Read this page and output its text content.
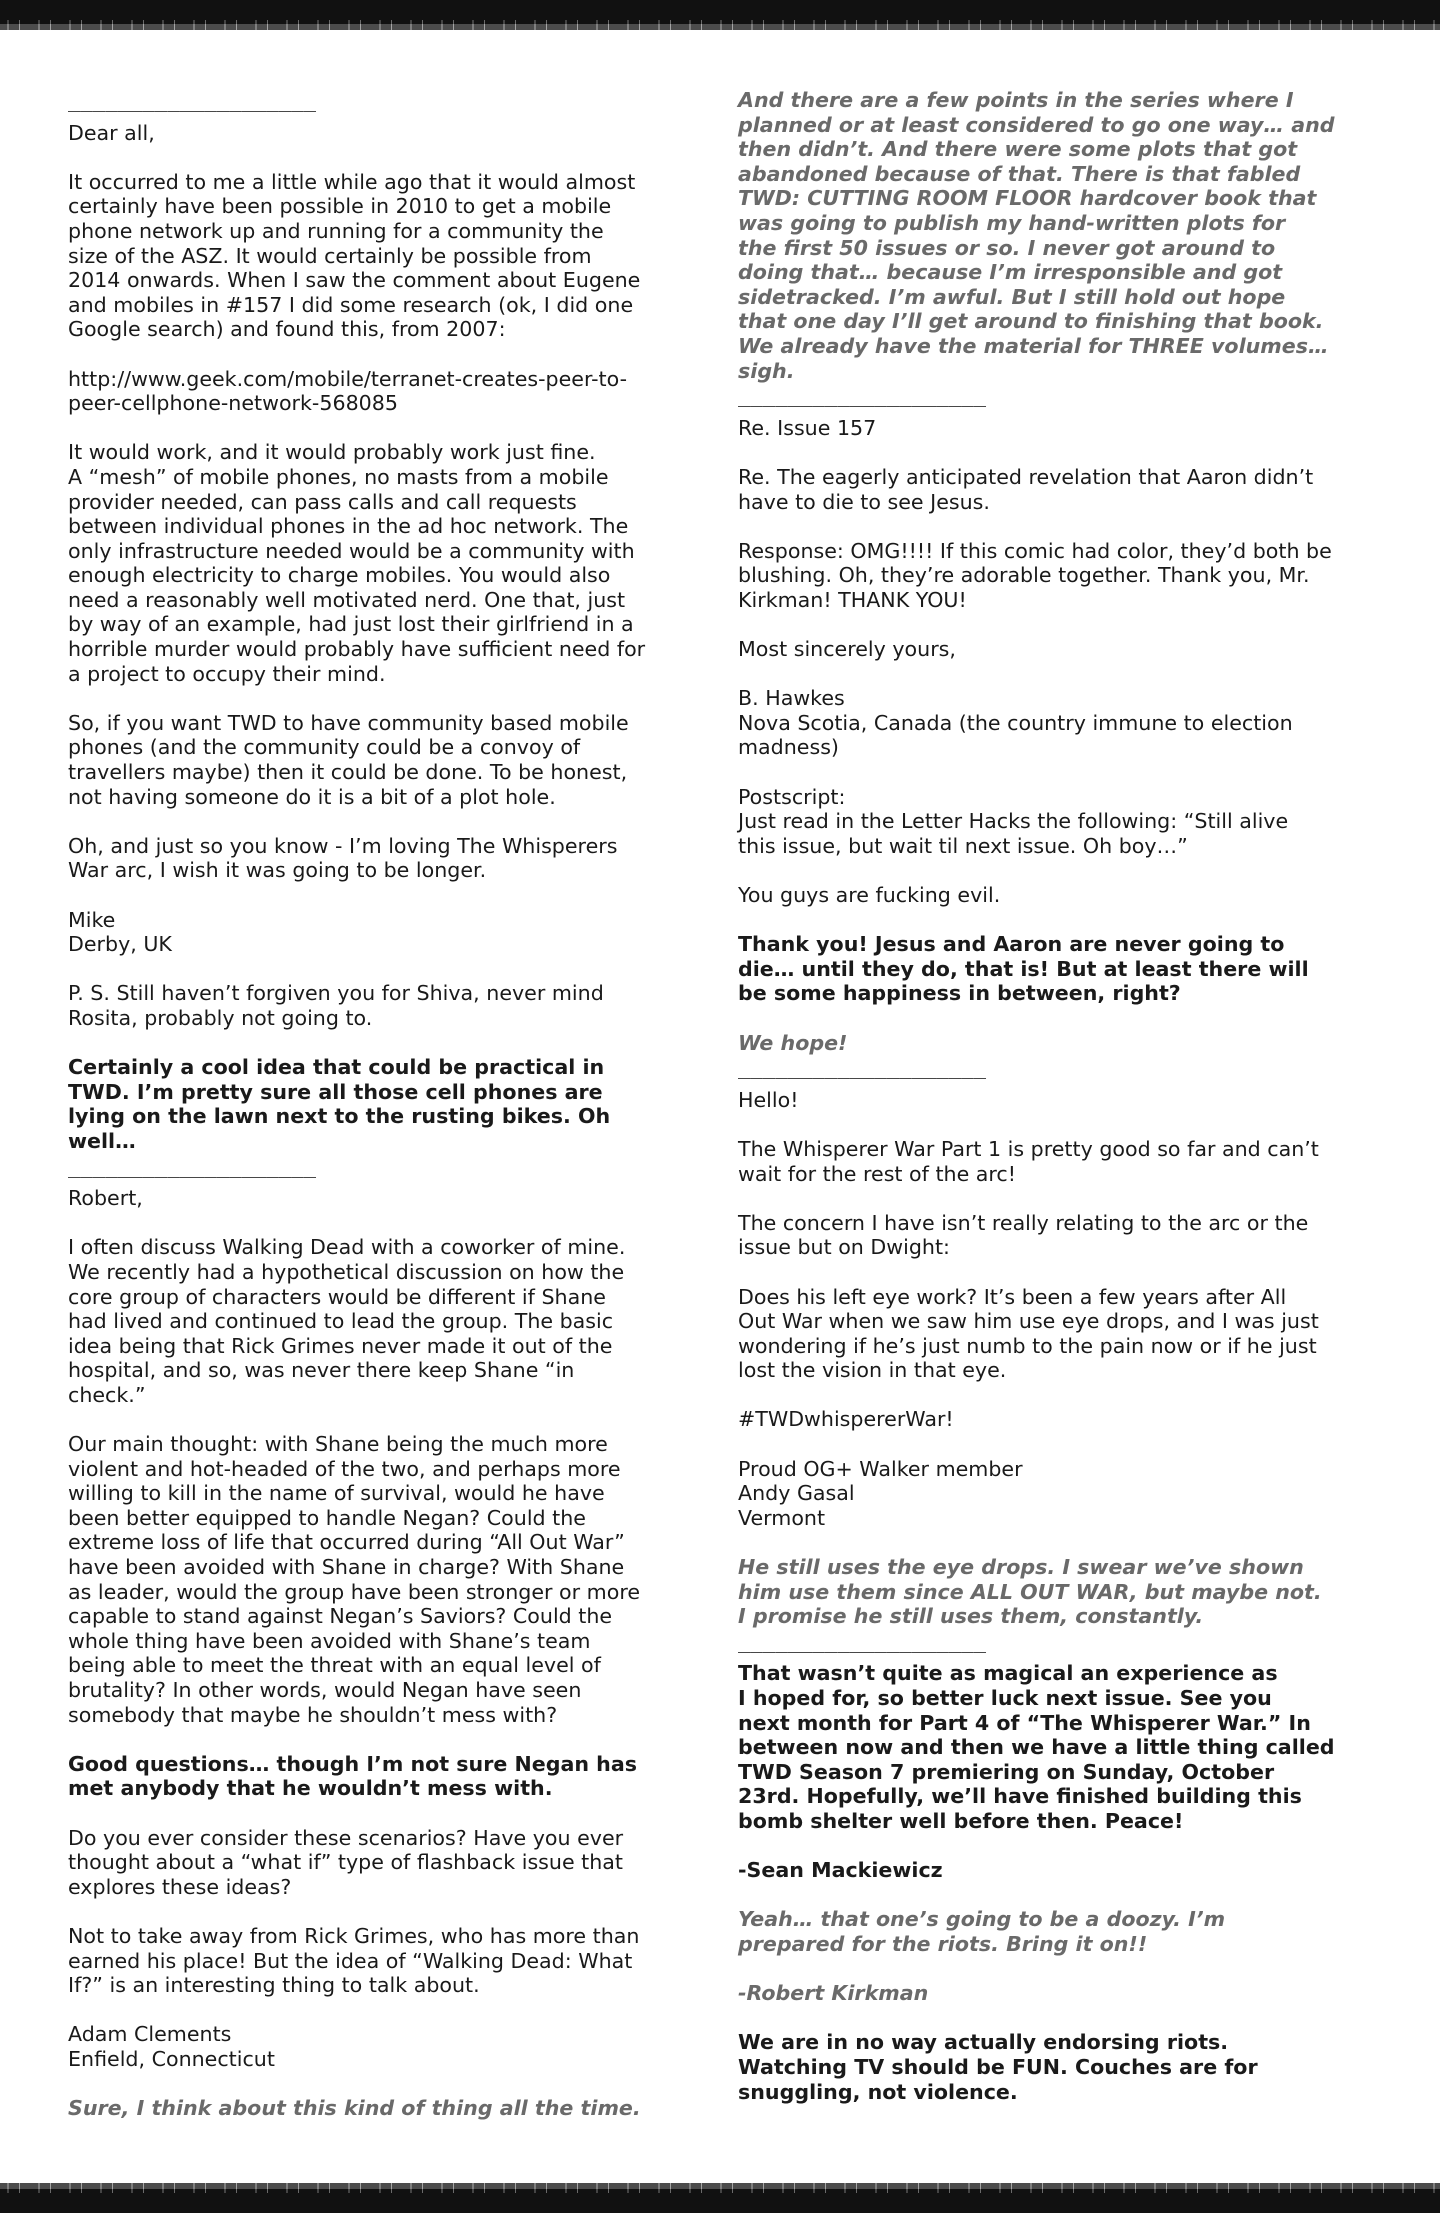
____________________

Dear all,

It occurred to me a little while ago that it would almost
certainly have been possible in 2010 to get a mobile
phone network up and running for a community the
size of the ASZ. It would certainly be possible from
2014 onwards. When I saw the comment about Eugene
and mobiles in #157 I did some research (ok, I did one
Google search) and found this, from 2007:

http://www.geek.com/mobile/terranet-creates-peer-to-
peer-cellphone-network-568085

It would work, and it would probably work just fine.
A “mesh” of mobile phones, no masts from a mobile
provider needed, can pass calls and call requests
between individual phones in the ad hoc network. The
only infrastructure needed would be a community with
enough electricity to charge mobiles. You would also
need a reasonably well motivated nerd. One that, just
by way of an example, had just lost their girlfriend in a
horrible murder would probably have sufficient need for
a project to occupy their mind.

So, if you want TWD to have community based mobile
phones (and the community could be a convoy of
travellers maybe) then it could be done. To be honest,
not having someone do it is a bit of a plot hole.

Oh, and just so you know - I’m loving The Whisperers
War arc, I wish it was going to be longer.

Mike
Derby, UK

P. S. Still haven’t forgiven you for Shiva, never mind
Rosita, probably not going to.

Certainly a cool idea that could be practical in
TWD. I’m pretty sure all those cell phones are
lying on the lawn next to the rusting bikes. Oh
well…

____________________

Robert,

I often discuss Walking Dead with a coworker of mine.
We recently had a hypothetical discussion on how the
core group of characters would be different if Shane
had lived and continued to lead the group. The basic
idea being that Rick Grimes never made it out of the
hospital, and so, was never there keep Shane “in
check.”

Our main thought: with Shane being the much more
violent and hot-headed of the two, and perhaps more
willing to kill in the name of survival, would he have
been better equipped to handle Negan? Could the
extreme loss of life that occurred during “All Out War”
have been avoided with Shane in charge? With Shane
as leader, would the group have been stronger or more
capable to stand against Negan’s Saviors? Could the
whole thing have been avoided with Shane’s team
being able to meet the threat with an equal level of
brutality? In other words, would Negan have seen
somebody that maybe he shouldn’t mess with?

Good questions… though I’m not sure Negan has
met anybody that he wouldn’t mess with.

Do you ever consider these scenarios? Have you ever
thought about a “what if” type of flashback issue that
explores these ideas?

Not to take away from Rick Grimes, who has more than
earned his place! But the idea of “Walking Dead: What
If?” is an interesting thing to talk about.

Adam Clements
Enfield, Connecticut

Sure, I think about this kind of thing all the time.

And there are a few points in the series where I
planned or at least considered to go one way… and
then didn’t. And there were some plots that got
abandoned because of that. There is that fabled
TWD: CUTTING ROOM FLOOR hardcover book that
was going to publish my hand-written plots for
the first 50 issues or so. I never got around to
doing that… because I’m irresponsible and got
sidetracked. I’m awful. But I still hold out hope
that one day I’ll get around to finishing that book.
We already have the material for THREE volumes…
sigh.

____________________

Re. Issue 157

Re. The eagerly anticipated revelation that Aaron didn’t
have to die to see Jesus.

Response: OMG!!!! If this comic had color, they’d both be
blushing. Oh, they’re adorable together. Thank you, Mr.
Kirkman! THANK YOU!

Most sincerely yours,

B. Hawkes
Nova Scotia, Canada (the country immune to election
madness)

Postscript:
Just read in the Letter Hacks the following: “Still alive
this issue, but wait til next issue. Oh boy…”

You guys are fucking evil.

Thank you! Jesus and Aaron are never going to
die… until they do, that is! But at least there will
be some happiness in between, right?

We hope!

____________________

Hello!

The Whisperer War Part 1 is pretty good so far and can’t
wait for the rest of the arc!

The concern I have isn’t really relating to the arc or the
issue but on Dwight:

Does his left eye work? It’s been a few years after All
Out War when we saw him use eye drops, and I was just
wondering if he’s just numb to the pain now or if he just
lost the vision in that eye.

#TWDwhispererWar!

Proud OG+ Walker member
Andy Gasal
Vermont

He still uses the eye drops. I swear we’ve shown
him use them since ALL OUT WAR, but maybe not.
I promise he still uses them, constantly.

____________________

That wasn’t quite as magical an experience as
I hoped for, so better luck next issue. See you
next month for Part 4 of “The Whisperer War.” In
between now and then we have a little thing called
TWD Season 7 premiering on Sunday, October
23rd. Hopefully, we’ll have finished building this
bomb shelter well before then. Peace!

-Sean Mackiewicz

Yeah… that one’s going to be a doozy. I’m
prepared for the riots. Bring it on!!

-Robert Kirkman

We are in no way actually endorsing riots.
Watching TV should be FUN. Couches are for
snuggling, not violence.
